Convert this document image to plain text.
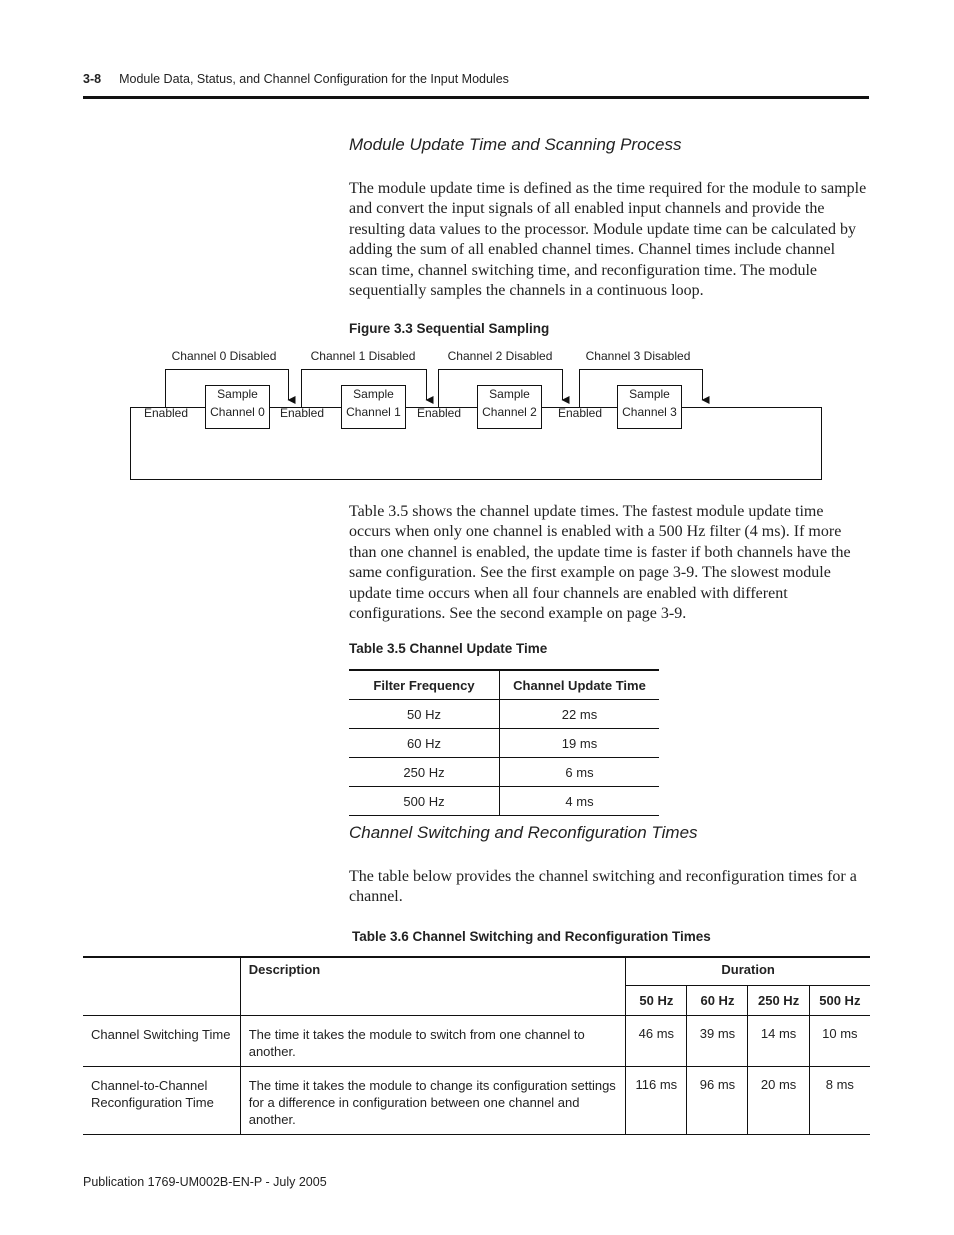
3-8 Module Data, Status, and Channel Configuration for the Input Modules
Module Update Time and Scanning Process
The module update time is defined as the time required for the module to sample and convert the input signals of all enabled input channels and provide the resulting data values to the processor. Module update time can be calculated by adding the sum of all enabled channel times. Channel times include channel scan time, channel switching time, and reconfiguration time. The module sequentially samples the channels in a continuous loop.
Figure 3.3 Sequential Sampling
Channel 0 Disabled	Channel 1 Disabled	Channel 2 Disabled	Channel 3 Disabled
Enabled	Enabled	Enabled	Enabled
Sample
Channel 0
Sample
Channel 1
Sample
Channel 2
Sample
Channel 3
Table 3.5 shows the channel update times. The fastest module update time occurs when only one channel is enabled with a 500 Hz filter (4 ms). If more than one channel is enabled, the update time is faster if both channels have the same configuration. See the first example on page 3-9. The slowest module update time occurs when all four channels are enabled with different configurations. See the second example on page 3-9.
Table 3.5 Channel Update Time
Filter Frequency	Channel Update Time
50 Hz	22 ms
60 Hz	19 ms
250 Hz	6 ms
500 Hz	4 ms
Channel Switching and Reconfiguration Times
The table below provides the channel switching and reconfiguration times for a channel.
Table 3.6 Channel Switching and Reconfiguration Times
	Description	Duration			
		50 Hz	60 Hz	250 Hz	500 Hz
Channel Switching Time	The time it takes the module to switch from one channel to another.	46 ms	39 ms	14 ms	10 ms
Channel-to-Channel Reconfiguration Time	The time it takes the module to change its configuration settings for a difference in configuration between one channel and another.	116 ms	96 ms	20 ms	8 ms
Publication 1769-UM002B-EN-P - July 2005
